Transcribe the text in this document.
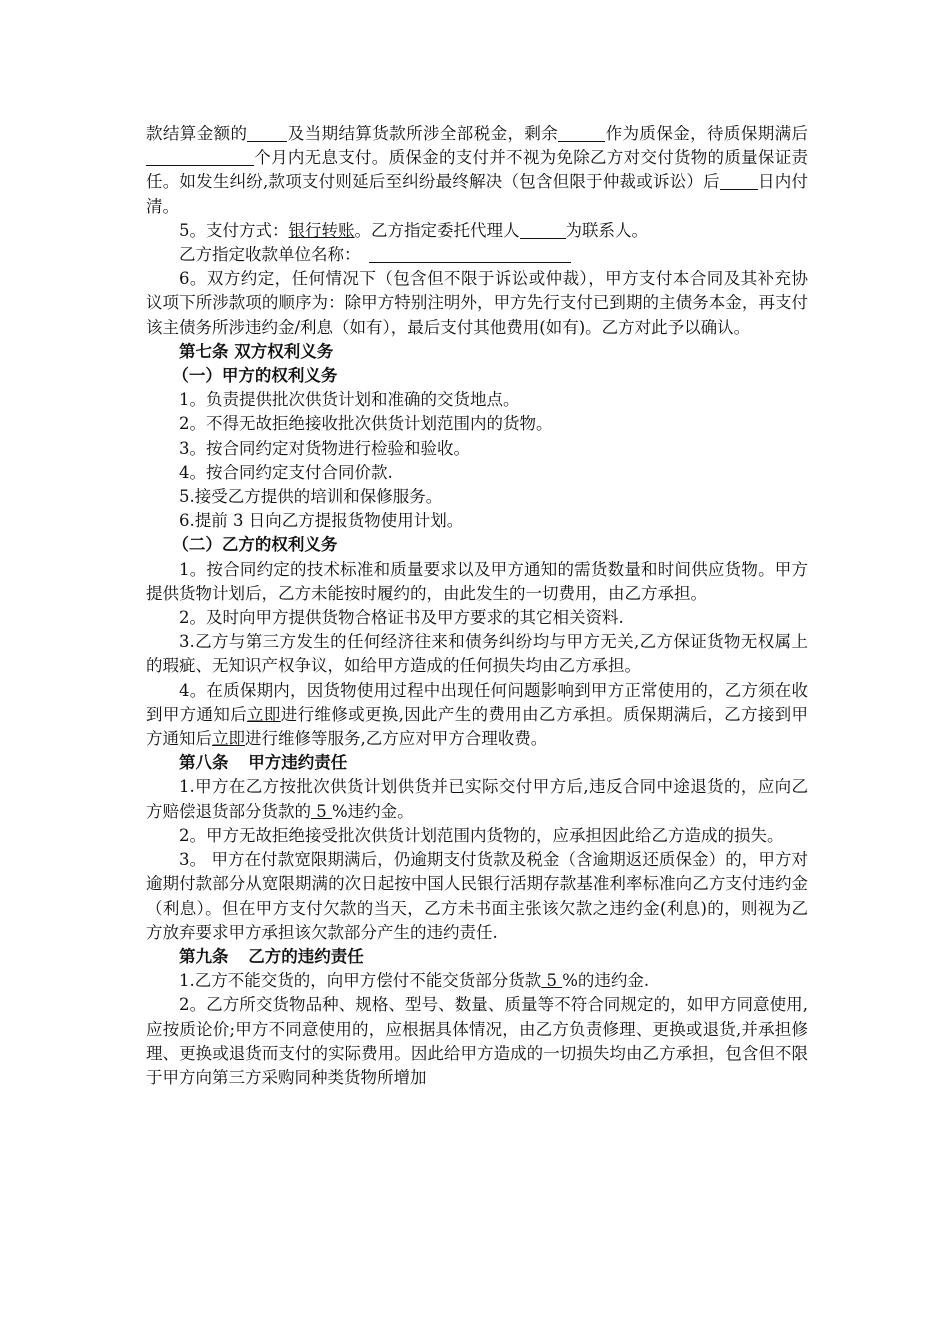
款结算金额的 及当期结算货款所涉全部税金，剩余	作为质保金，待质保期满后个月内无息支付。质保金的支付并不视为免除乙方对交付货物的质量保证责任。如发生纠纷,款项支付则延后至纠纷最终解决（包含但限于仲裁或诉讼）后 日内付清。

5。支付方式：银行转账。乙方指定委托代理人	为联系人。

乙方指定收款单位名称：

6。双方约定，任何情况下（包含但不限于诉讼或仲裁），甲方支付本合同及其补充协议项下所涉款项的顺序为：除甲方特别注明外，甲方先行支付已到期的主债务本金，再支付该主债务所涉违约金/利息（如有），最后支付其他费用(如有)。乙方对此予以确认。

第七条 双方权利义务

（一）甲方的权利义务

1。负责提供批次供货计划和准确的交货地点。

2。不得无故拒绝接收批次供货计划范围内的货物。

3。按合同约定对货物进行检验和验收。

4。按合同约定支付合同价款.

5.接受乙方提供的培训和保修服务。

6.提前 3 日向乙方提报货物使用计划。

（二）乙方的权利义务

1。按合同约定的技术标准和质量要求以及甲方通知的需货数量和时间供应货物。甲方提供货物计划后，乙方未能按时履约的，由此发生的一切费用，由乙方承担。

2。及时向甲方提供货物合格证书及甲方要求的其它相关资料.

3.乙方与第三方发生的任何经济往来和债务纠纷均与甲方无关,乙方保证货物无权属上的瑕疵、无知识产权争议，如给甲方造成的任何损失均由乙方承担。

4。在质保期内，因货物使用过程中出现任何问题影响到甲方正常使用的，乙方须在收到甲方通知后立即进行维修或更换,因此产生的费用由乙方承担。质保期满后，乙方接到甲方通知后立即进行维修等服务,乙方应对甲方合理收费。

第八条 甲方违约责任

1.甲方在乙方按批次供货计划供货并已实际交付甲方后,违反合同中途退货的，应向乙方赔偿退货部分货款的 5 %违约金。

2。甲方无故拒绝接受批次供货计划范围内货物的，应承担因此给乙方造成的损失。

3。 甲方在付款宽限期满后，仍逾期支付货款及税金（含逾期返还质保金）的，甲方对逾期付款部分从宽限期满的次日起按中国人民银行活期存款基准利率标准向乙方支付违约金（利息）。但在甲方支付欠款的当天，乙方未书面主张该欠款之违约金(利息)的，则视为乙方放弃要求甲方承担该欠款部分产生的违约责任.

第九条 乙方的违约责任

1.乙方不能交货的，向甲方偿付不能交货部分货款 5 %的违约金.

2。乙方所交货物品种、规格、型号、数量、质量等不符合同规定的，如甲方同意使用,应按质论价;甲方不同意使用的，应根据具体情况，由乙方负责修理、更换或退货,并承担修理、更换或退货而支付的实际费用。因此给甲方造成的一切损失均由乙方承担，包含但不限于甲方向第三方采购同种类货物所增加
